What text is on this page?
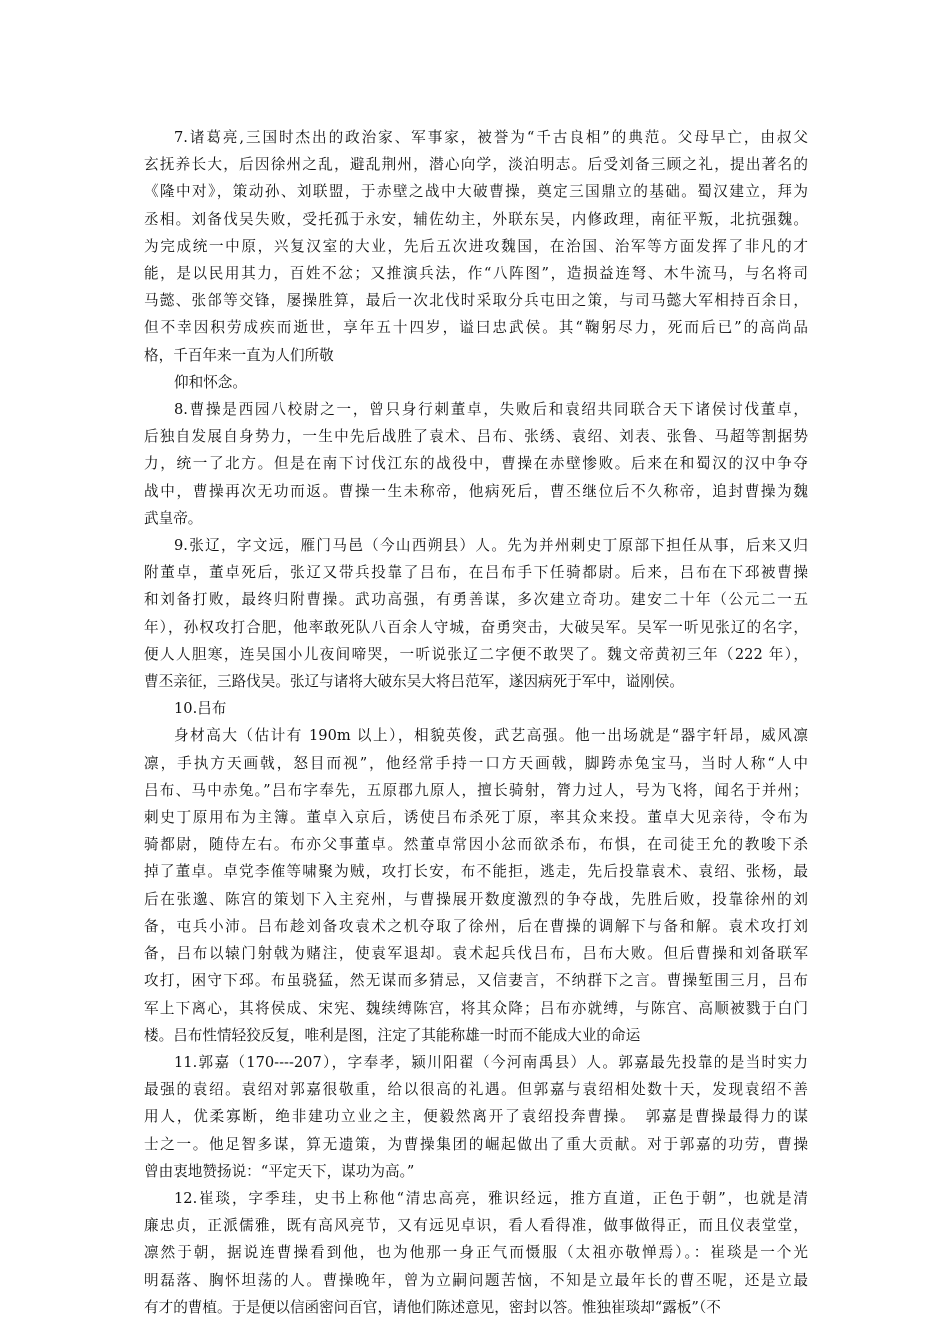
7.诸葛亮,三国时杰出的政治家、军事家，被誉为“千古良相”的典范。父母早亡，由叔父
玄抚养长大，后因徐州之乱，避乱荆州，潜心向学，淡泊明志。后受刘备三顾之礼，提出著名的
《隆中对》，策动孙、刘联盟，于赤壁之战中大破曹操，奠定三国鼎立的基础。蜀汉建立，拜为
丞相。刘备伐吴失败，受托孤于永安，辅佐幼主，外联东吴，内修政理，南征平叛，北抗强魏。
为完成统一中原，兴复汉室的大业，先后五次进攻魏国，在治国、治军等方面发挥了非凡的才
能，是以民用其力，百姓不忿；又推演兵法，作“八阵图”，造损益连弩、木牛流马，与名将司
马懿、张郃等交锋，屡操胜算，最后一次北伐时采取分兵屯田之策，与司马懿大军相持百余日，
但不幸因积劳成疾而逝世，享年五十四岁，谥曰忠武侯。其“鞠躬尽力，死而后已”的高尚品
格，千百年来一直为人们所敬

仰和怀念。

8.曹操是西园八校尉之一，曾只身行刺董卓，失败后和袁绍共同联合天下诸侯讨伐董卓，
后独自发展自身势力，一生中先后战胜了袁术、吕布、张绣、袁绍、刘表、张鲁、马超等割据势
力，统一了北方。但是在南下讨伐江东的战役中，曹操在赤壁惨败。后来在和蜀汉的汉中争夺
战中，曹操再次无功而返。曹操一生未称帝，他病死后，曹丕继位后不久称帝，追封曹操为魏
武皇帝。

9.张辽，字文远，雁门马邑（今山西朔县）人。先为并州刺史丁原部下担任从事，后来又归
附董卓，董卓死后，张辽又带兵投靠了吕布，在吕布手下任骑都尉。后来，吕布在下邳被曹操
和刘备打败，最终归附曹操。武功高强，有勇善谋，多次建立奇功。建安二十年（公元二一五
年），孙权攻打合肥，他率敢死队八百余人守城，奋勇突击，大破吴军。吴军一听见张辽的名字，
便人人胆寒，连吴国小儿夜间啼哭，一听说张辽二字便不敢哭了。魏文帝黄初三年（222 年），
曹丕亲征，三路伐吴。张辽与诸将大破东吴大将吕范军，遂因病死于军中，谥刚侯。

10.吕布

身材高大（估计有 190m 以上），相貌英俊，武艺高强。他一出场就是“器宇轩昂，威风凛
凛，手执方天画戟，怒目而视”，他经常手持一口方天画戟，脚跨赤兔宝马，当时人称“人中
吕布、马中赤兔。”吕布字奉先，五原郡九原人，擅长骑射，膂力过人，号为飞将，闻名于并州；
刺史丁原用布为主簿。董卓入京后，诱使吕布杀死丁原，率其众来投。董卓大见亲待，令布为
骑都尉，随侍左右。布亦父事董卓。然董卓常因小忿而欲杀布，布惧，在司徒王允的教唆下杀
掉了董卓。卓党李傕等啸聚为贼，攻打长安，布不能拒，逃走，先后投靠袁术、袁绍、张杨，最
后在张邈、陈宫的策划下入主兖州，与曹操展开数度激烈的争夺战，先胜后败，投靠徐州的刘
备，屯兵小沛。吕布趁刘备攻袁术之机夺取了徐州，后在曹操的调解下与备和解。袁术攻打刘
备，吕布以辕门射戟为赌注，使袁军退却。袁术起兵伐吕布，吕布大败。但后曹操和刘备联军
攻打，困守下邳。布虽骁猛，然无谋而多猜忌，又信妻言，不纳群下之言。曹操堑围三月，吕布
军上下离心，其将侯成、宋宪、魏续缚陈宫，将其众降；吕布亦就缚，与陈宫、高顺被戮于白门
楼。吕布性情轻狡反复，唯利是图，注定了其能称雄一时而不能成大业的命运

11.郭嘉（170----207），字奉孝，颍川阳翟（今河南禹县）人。郭嘉最先投靠的是当时实力
最强的袁绍。袁绍对郭嘉很敬重，给以很高的礼遇。但郭嘉与袁绍相处数十天，发现袁绍不善
用人，优柔寡断，绝非建功立业之主，便毅然离开了袁绍投奔曹操。　郭嘉是曹操最得力的谋
士之一。他足智多谋，算无遗策，为曹操集团的崛起做出了重大贡献。对于郭嘉的功劳，曹操
曾由衷地赞扬说：“平定天下，谋功为高。”

12.崔琰，字季珪，史书上称他“清忠高亮，雅识经远，推方直道，正色于朝”，也就是清
廉忠贞，正派儒雅，既有高风亮节，又有远见卓识，看人看得准，做事做得正，而且仪表堂堂，
凛然于朝，据说连曹操看到他，也为他那一身正气而慑服（太祖亦敬惮焉）。：崔琰是一个光
明磊落、胸怀坦荡的人。曹操晚年，曾为立嗣问题苦恼，不知是立最年长的曹丕呢，还是立最
有才的曹植。于是便以信函密问百官，请他们陈述意见，密封以答。惟独崔琰却“露板”（不
